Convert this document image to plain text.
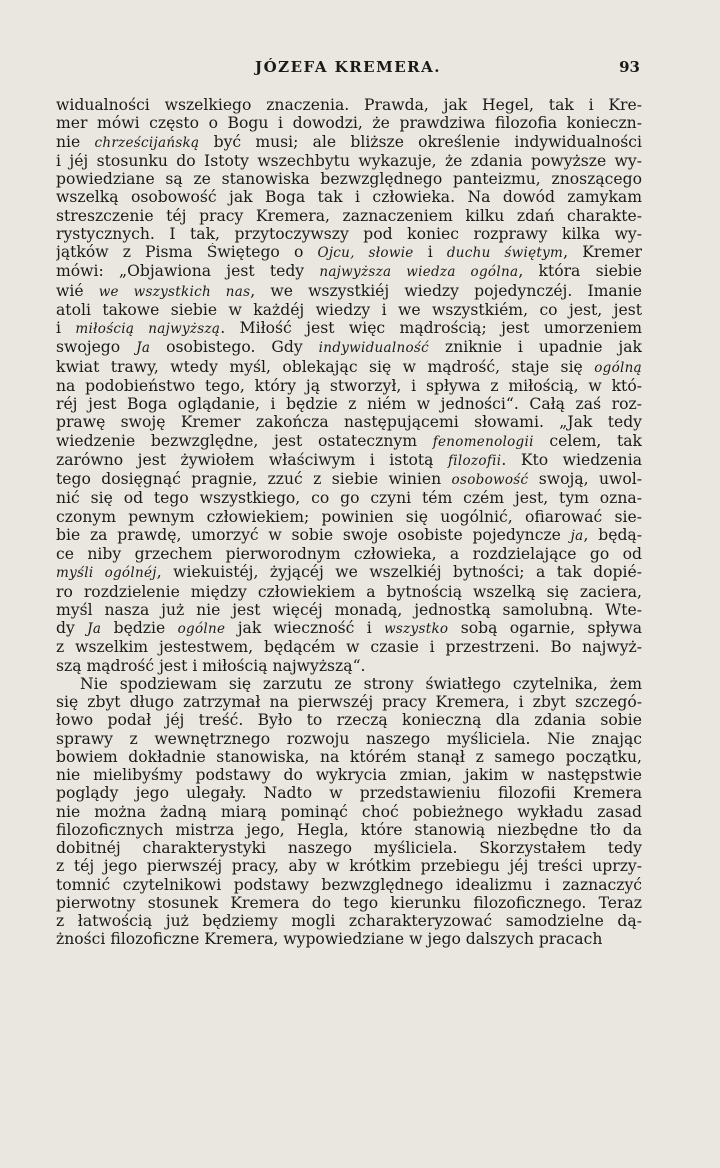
JÓZEFA KREMERA.	93
widualności wszelkiego znaczenia. Prawda, jak Hegel, tak i Kre-
mer mówi często o Bogu i dowodzi, że prawdziwa filozofia konieczn-
nie chrześcijańską być musi; ale bliższe określenie indywidualności
i jéj stosunku do Istoty wszechbytu wykazuje, że zdania powyższe wy-
powiedziane są ze stanowiska bezwzględnego panteizmu, znoszącego
wszelką osobowość jak Boga tak i człowieka. Na dowód zamykam
streszczenie téj pracy Kremera, zaznaczeniem kilku zdań charakte-
rystycznych. I tak, przytoczywszy pod koniec rozprawy kilka wy-
jątków z Pisma Świętego o Ojcu, słowie i duchu świętym, Kremer
mówi: „Objawiona jest tedy najwyższa wiedza ogólna, która siebie
wié we wszystkich nas, we wszystkiéj wiedzy pojedynczéj. Imanie
atoli takowe siebie w każdéj wiedzy i we wszystkiém, co jest, jest
i miłością najwyższą. Miłość jest więc mądrością; jest umorzeniem
swojego Ja osobistego. Gdy indywidualność zniknie i upadnie jak
kwiat trawy, wtedy myśl, oblekając się w mądrość, staje się ogólną
na podobieństwo tego, który ją stworzył, i spływa z miłością, w któ-
réj jest Boga oglądanie, i będzie z niém w jedności“. Całą zaś roz-
prawę swoję Kremer zakończa następującemi słowami. „Jak tedy
wiedzenie bezwzględne, jest ostatecznym fenomenologii celem, tak
zarówno jest żywiołem właściwym i istotą filozofii. Kto wiedzenia
tego dosięgnąć pragnie, zzuć z siebie winien osobowość swoją, uwol-
nić się od tego wszystkiego, co go czyni tém czém jest, tym ozna-
czonym pewnym człowiekiem; powinien się uogólnić, ofiarować sie-
bie za prawdę, umorzyć w sobie swoje osobiste pojedyncze ja, będą-
ce niby grzechem pierworodnym człowieka, a rozdzielające go od
myśli ogólnéj, wiekuistéj, żyjącéj we wszelkiéj bytności; a tak dopié-
ro rozdzielenie między człowiekiem a bytnością wszelką się zaciera,
myśl nasza już nie jest więcéj monadą, jednostką samolubną. Wte-
dy Ja będzie ogólne jak wieczność i wszystko sobą ogarnie, spływa
z wszelkim jestestwem, będącém w czasie i przestrzeni. Bo najwyż-
szą mądrość jest i miłością najwyższą“.
Nie spodziewam się zarzutu ze strony światłego czytelnika, żem
się zbyt długo zatrzymał na pierwszéj pracy Kremera, i zbyt szczegó-
łowo podał jéj treść. Było to rzeczą konieczną dla zdania sobie
sprawy z wewnętrznego rozwoju naszego myśliciela. Nie znając
bowiem dokładnie stanowiska, na którém stanął z samego początku,
nie mielibyśmy podstawy do wykrycia zmian, jakim w następstwie
poglądy jego ulegały. Nadto w przedstawieniu filozofii Kremera
nie można żadną miarą pominąć choć pobieżnego wykładu zasad
filozoficznych mistrza jego, Hegla, które stanowią niezbędne tło da
dobitnéj charakterystyki naszego myśliciela. Skorzystałem tedy
z téj jego pierwszéj pracy, aby w krótkim przebiegu jéj treści uprzy-
tomnić czytelnikowi podstawy bezwzględnego idealizmu i zaznaczyć
pierwotny stosunek Kremera do tego kierunku filozoficznego. Teraz
z łatwością już będziemy mogli zcharakteryzować samodzielne dą-
żności filozoficzne Kremera, wypowiedziane w jego dalszych pracach
